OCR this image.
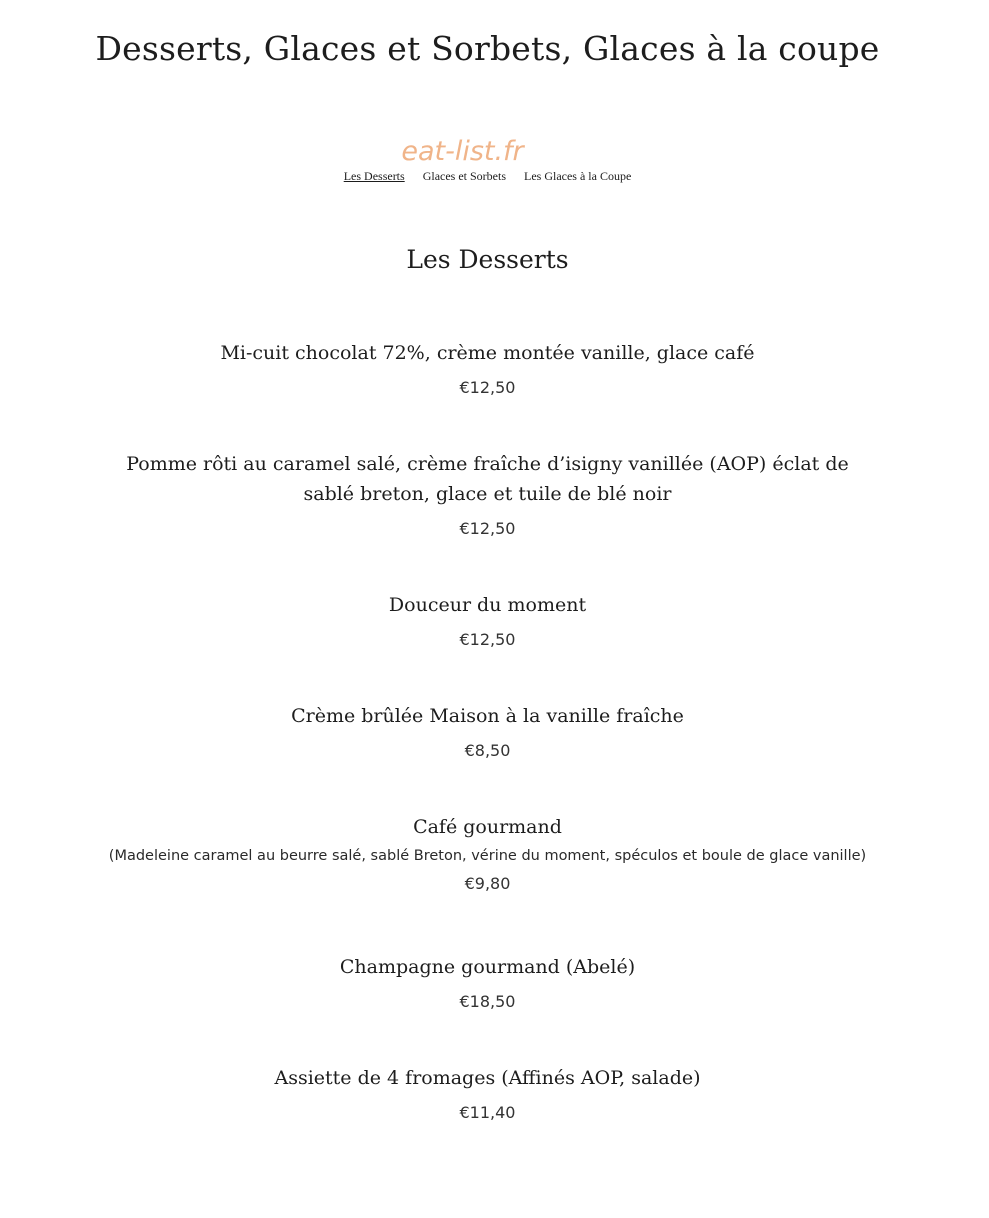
Desserts, Glaces et Sorbets, Glaces à la coupe
eat-list.fr
Les Desserts Glaces et Sorbets Les Glaces à la Coupe
Les Desserts

Mi-cuit chocolat 72%, crème montée vanille, glace café

€12,50

Pomme rôti au caramel salé, crème fraîche d’isigny vanillée (AOP) éclat de sablé breton, glace et tuile de blé noir

€12,50

Douceur du moment

€12,50

Crème brûlée Maison à la vanille fraîche

€8,50

Café gourmand

(Madeleine caramel au beurre salé, sablé Breton, vérine du moment, spéculos et boule de glace vanille)

€9,80

Champagne gourmand (Abelé)

€18,50

Assiette de 4 fromages (Affinés AOP, salade)

€11,40
